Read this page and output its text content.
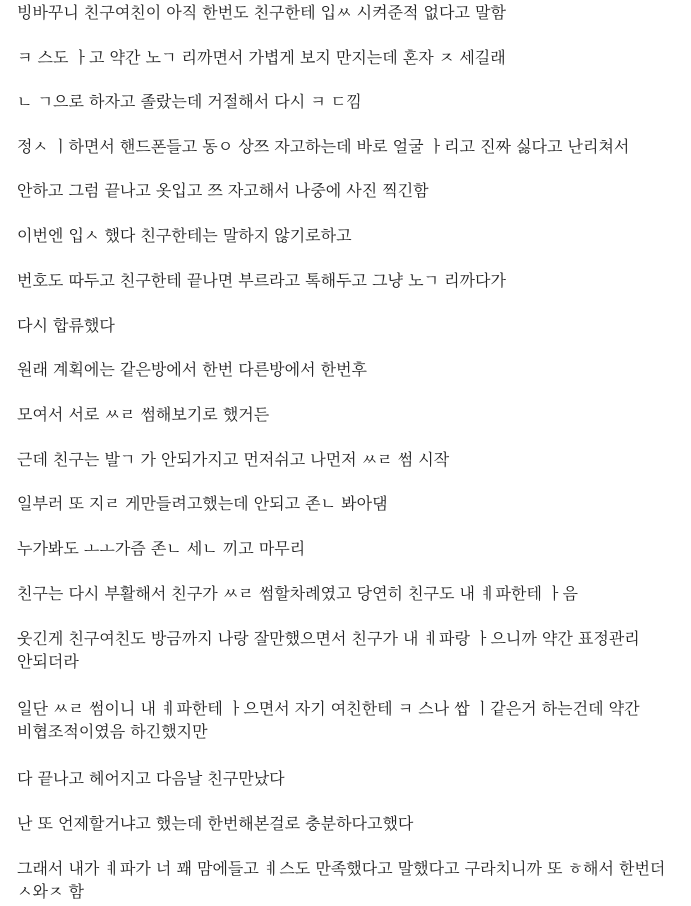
빙바꾸니 친구여친이 아직 한번도 친구한테 입ㅆ 시켜준적 없다고 말함

ㅋ 스도 ㅏ고 약간 노ㄱ 리까면서 가볍게 보지 만지는데 혼자 ㅈ 세길래

ㄴ ㄱ으로 하자고 졸랐는데 거절해서 다시 ㅋ ㄷ낌

정ㅅ ㅣ하면서 핸드폰들고 동ㅇ 상쯔 자고하는데 바로 얼굴 ㅏ리고 진짜 싫다고 난리쳐서

안하고 그럼 끝나고 옷입고 쯔 자고해서 나중에 사진 찍긴함

이번엔 입ㅅ 했다 친구한테는 말하지 않기로하고

번호도 따두고 친구한테 끝나면 부르라고 톡해두고 그냥 노ㄱ 리까다가

다시 합류했다

원래 계획에는 같은방에서 한번 다른방에서 한번후

모여서 서로 ㅆㄹ 썸해보기로 했거든

근데 친구는 발ㄱ 가 안되가지고 먼저쉬고 나먼저 ㅆㄹ 썸 시작

일부러 또 지ㄹ 게만들려고했는데 안되고 존ㄴ 봐아댐

누가봐도 ㅗㅗ가즘 존ㄴ 세ㄴ 끼고 마무리

친구는 다시 부활해서 친구가 ㅆㄹ 썸할차례였고 당연히 친구도 내 ㅖ파한테 ㅏ음

웃긴게 친구여친도 방금까지 나랑 잘만했으면서 친구가 내 ㅖ파랑 ㅏ으니까 약간 표정관리 안되더라

일단 ㅆㄹ 썸이니 내 ㅖ파한테 ㅏ으면서 자기 여친한테 ㅋ 스나 쌉 ㅣ같은거 하는건데 약간 비협조적이였음 하긴했지만

다 끝나고 헤어지고 다음날 친구만났다

난 또 언제할거냐고 했는데 한번해본걸로 충분하다고했다

그래서 내가 ㅖ파가 너 꽤 맘에들고 ㅖ스도 만족했다고 말했다고 구라치니까 또 ㅎ해서 한번더 ㅅ와ㅈ 함
